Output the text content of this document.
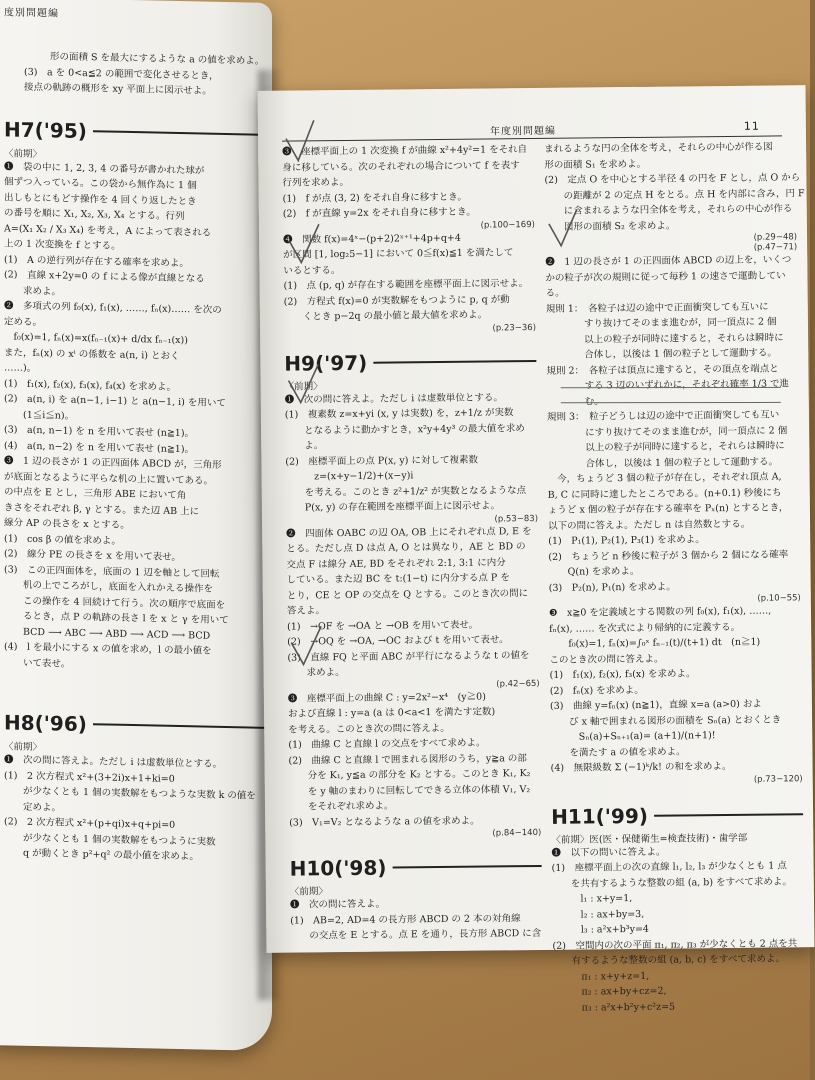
度別問題編
形の面積 S を最大にするような a の値を求めよ。
(3)　a を 0<a≦2 の範囲で変化させるとき，
接点の軌跡の概形を xy 平面上に図示せよ。
H7('95)
〈前期〉
❶　袋の中に 1, 2, 3, 4 の番号が書かれた球が
個ずつ入っている。この袋から無作為に 1 個
出しもとにもどす操作を 4 回くり返したとき
の番号を順に X₁, X₂, X₃, X₄ とする。行列
A=(X₁ X₂ / X₃ X₄) を考え，A によって表される
上の 1 次変換を f とする。
(1)　A の逆行列が存在する確率を求めよ。
(2)　直線 x+2y=0 の f による像が直線となる
　　求めよ。
❷　多項式の列 f₀(x), f₁(x), ……, fₙ(x)…… を次の
定める。
　f₀(x)=1, fₙ(x)=x(fₙ₋₁(x)+ d/dx fₙ₋₁(x))
また，fₙ(x) の xⁱ の係数を a(n, i) とおく
……)。
(1)　f₁(x), f₂(x), f₃(x), f₄(x) を求めよ。
(2)　a(n, i) を a(n−1, i−1) と a(n−1, i) を用いて
　　(1≦i≦n)。
(3)　a(n, n−1) を n を用いて表せ (n≧1)。
(4)　a(n, n−2) を n を用いて表せ (n≧1)。
❸　1 辺の長さが 1 の正四面体 ABCD が，三角形
が底面となるように平らな机の上に置いてある。
の中点を E とし，三角形 ABE において角
きさをそれぞれ β, γ とする。また辺 AB 上に
線分 AP の長さを x とする。
(1)　cos β の値を求めよ。
(2)　線分 PE の長さを x を用いて表せ。
(3)　この正四面体を，底面の 1 辺を軸として回転
　　机の上でころがし，底面を入れかえる操作を
　　この操作を 4 回続けて行う。次の順序で底面を
　　るとき，点 P の軌跡の長さ l を x と γ を用いて
　　BCD ⟶ ABC ⟶ ABD ⟶ ACD ⟶ BCD
(4)　l を最小にする x の値を求め，l の最小値を
　　いて表せ。
H8('96)
〈前期〉
❶　次の問に答えよ。ただし i は虚数単位とする。
(1)　2 次方程式 x²+(3+2i)x+1+ki=0
　　が少なくとも 1 個の実数解をもつような実数 k の値を
　　定めよ。
(2)　2 次方程式 x²+(p+qi)x+q+pi=0
　　が少なくとも 1 個の実数解をもつように実数
　　q が動くとき p²+q² の最小値を求めよ。
年度別問題編	11
❸　座標平面上の 1 次変換 f が曲線 x²+4y²=1 をそれ自
身に移している。次のそれぞれの場合について f を表す
行列を求めよ。
(1)　f が点 (3, 2) をそれ自身に移すとき。
(2)　f が直線 y=2x をそれ自身に移すとき。
(p.100−169)
❹　関数 f(x)=4ˣ−(p+2)2ˣ⁺¹+4p+q+4
が区間 [1, log₂5−1] において 0≦f(x)≦1 を満たして
いるとする。
(1)　点 (p, q) が存在する範囲を座標平面上に図示せよ。
(2)　方程式 f(x)=0 が実数解をもつように p, q が動
　　くとき p−2q の最小値と最大値を求めよ。
(p.23−36)
H9('97)
〈前期〉
❶　次の問に答えよ。ただし i は虚数単位とする。
(1)　複素数 z=x+yi (x, y は実数) を，z+1/z が実数
　　となるように動かすとき，x²y+4y³ の最大値を求め
　　よ。
(2)　座標平面上の点 P(x, y) に対して複素数
　　　z=(x+y−1/2)+(x−y)i
　　を考える。このとき z²+1/z² が実数となるような点
　　P(x, y) の存在範囲を座標平面上に図示せよ。
(p.53−83)
❷　四面体 OABC の辺 OA, OB 上にそれぞれ点 D, E を
とる。ただし点 D は点 A, O とは異なり，AE と BD の
交点 F は線分 AE, BD をそれぞれ 2:1, 3:1 に内分
している。また辺 BC を t:(1−t) に内分する点 P を
とり，CE と OP の交点を Q とする。このとき次の問に
答えよ。
(1)　→OF を →OA と →OB を用いて表せ。
(2)　→OQ を →OA, →OC および t を用いて表せ。
(3)　直線 FQ と平面 ABC が平行になるような t の値を
　　求めよ。
(p.42−65)
❸　座標平面上の曲線 C : y=2x²−x⁴　(y≧0)
および直線 l : y=a (a は 0<a<1 を満たす定数)
を考える。このとき次の問に答えよ。
(1)　曲線 C と直線 l の交点をすべて求めよ。
(2)　曲線 C と直線 l で囲まれる図形のうち，y≧a の部
　　分を K₁, y≦a の部分を K₂ とする。このとき K₁, K₂
　　を y 軸のまわりに回転してできる立体の体積 V₁, V₂
　　をそれぞれ求めよ。
(3)　V₁=V₂ となるような a の値を求めよ。
(p.84−140)
H10('98)
〈前期〉
❶　次の問に答えよ。
(1)　AB=2, AD=4 の長方形 ABCD の 2 本の対角線
　　の交点を E とする。点 E を通り，長方形 ABCD に含
まれるような円の全体を考え，それらの中心が作る図
形の面積 S₁ を求めよ。
(2)　定点 O を中心とする半径 4 の円を F とし，点 O から
　　の距離が 2 の定点 H をとる。点 H を内部に含み，円 F
　　に含まれるような円全体を考え，それらの中心が作る
　　図形の面積 S₂ を求めよ。
(p.29−48)
(p.47−71)
❷　1 辺の長さが 1 の正四面体 ABCD の辺上を，いくつ
かの粒子が次の規則に従って毎秒 1 の速さで運動してい
る。
規則 1：　各粒子は辺の途中で正面衝突しても互いに
　　　　すり抜けてそのまま進むが，同一頂点に 2 個
　　　　以上の粒子が同時に達すると，それらは瞬時に
　　　　合体し，以後は 1 個の粒子として運動する。
規則 2：　各粒子は頂点に達すると，その頂点を端点と
　　　　する 3 辺のいずれかに，それぞれ確率 1/3 で進
　　　　む。
規則 3：　粒子どうしは辺の途中で正面衝突しても互い
　　　　にすり抜けてそのまま進むが，同一頂点に 2 個
　　　　以上の粒子が同時に達すると，それらは瞬時に
　　　　合体し，以後は 1 個の粒子として運動する。
　今，ちょうど 3 個の粒子が存在し，それぞれ頂点 A,
B, C に同時に達したところである。(n+0.1) 秒後にち
ょうど x 個の粒子が存在する確率を Pₓ(n) とするとき，
以下の問に答えよ。ただし n は自然数とする。
(1)　P₁(1), P₂(1), P₃(1) を求めよ。
(2)　ちょうど n 秒後に粒子が 3 個から 2 個になる確率
　　Q(n) を求めよ。
(3)　P₂(n), P₁(n) を求めよ。
(p.10−55)
❸　x≧0 を定義域とする関数の列 f₀(x), f₁(x), ……,
fₙ(x), …… を次式により帰納的に定義する。
　　f₀(x)=1, fₙ(x)=∫₀ˣ fₙ₋₁(t)/(t+1) dt　(n≧1)
このとき次の問に答えよ。
(1)　f₁(x), f₂(x), f₃(x) を求めよ。
(2)　fₙ(x) を求めよ。
(3)　曲線 y=fₙ(x) (n≧1)，直線 x=a (a>0) およ
　　び x 軸で囲まれる図形の面積を Sₙ(a) とおくとき
　　　Sₙ(a)+Sₙ₊₁(a)= (a+1)/(n+1)!
　　を満たす a の値を求めよ。
(4)　無限級数 Σ (−1)ᵏ/k! の和を求めよ。
(p.73−120)
H11('99)
〈前期〉医(医・保健衛生=検査技術)・歯学部
❶　以下の問いに答えよ。
(1)　座標平面上の次の直線 l₁, l₂, l₃ が少なくとも 1 点
　　を共有するような整数の組 (a, b) をすべて求めよ。
　　　l₁ : x+y=1,
　　　l₂ : ax+by=3,
　　　l₃ : a²x+b³y=4
(2)　空間内の次の平面 π₁, π₂, π₃ が少なくとも 2 点を共
　　有するような整数の組 (a, b, c) をすべて求めよ。
　　　π₁ : x+y+z=1,
　　　π₂ : ax+by+cz=2,
　　　π₃ : a²x+b²y+c²z=5
